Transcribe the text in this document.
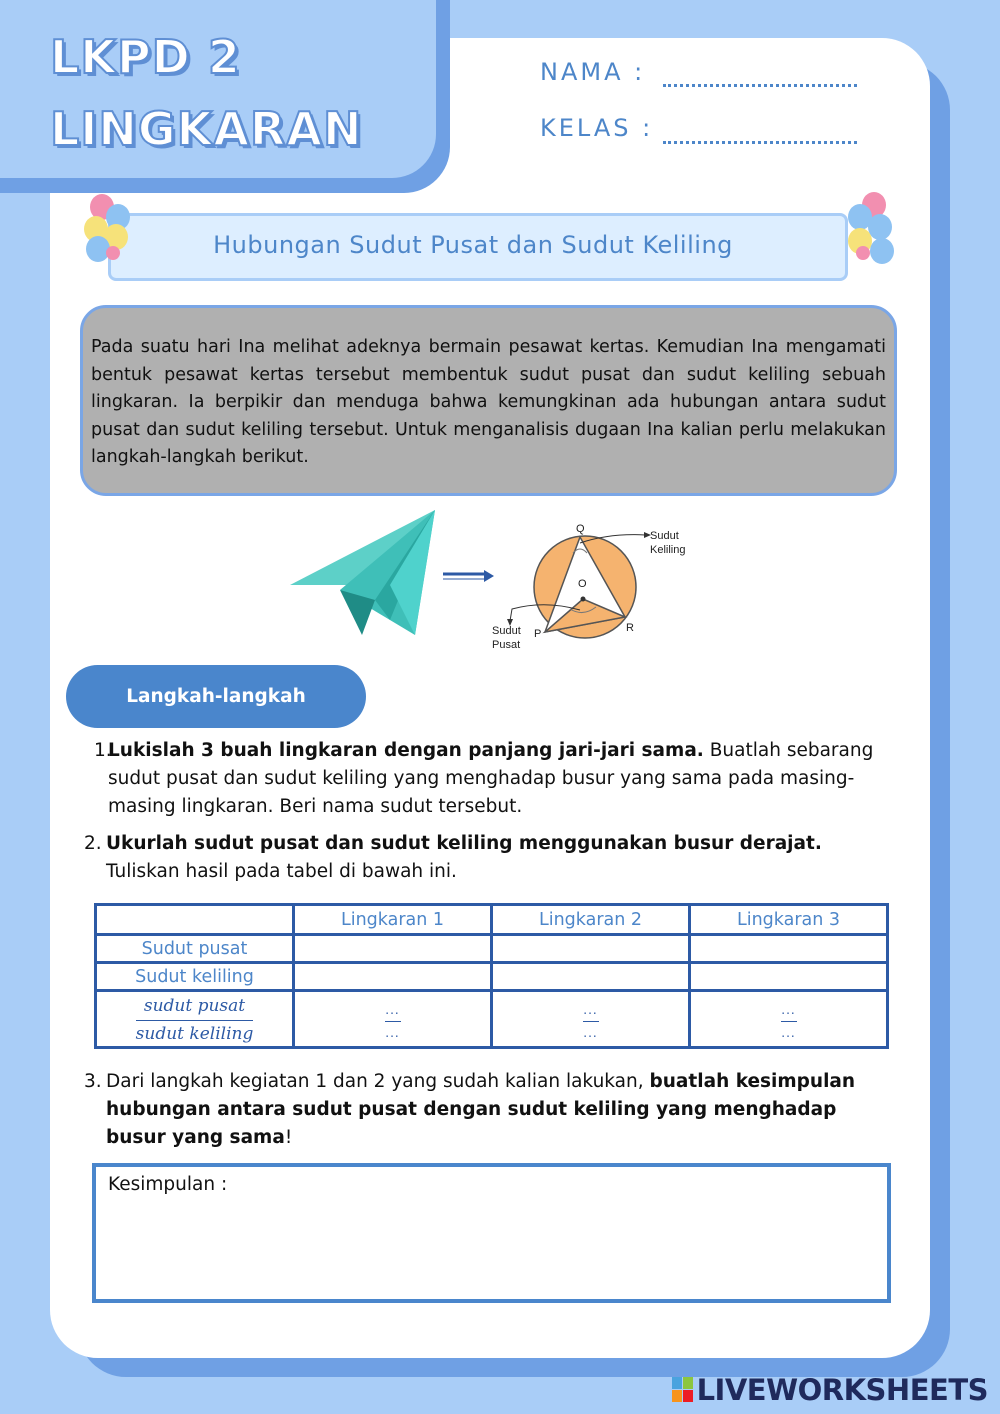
LKPD 2
LINGKARAN
NAMA :
KELAS :
Hubungan Sudut Pusat dan Sudut Keliling

Pada suatu hari Ina melihat adeknya bermain pesawat kertas. Kemudian Ina mengamati bentuk pesawat kertas tersebut membentuk sudut pusat dan sudut keliling sebuah lingkaran. Ia berpikir dan menduga bahwa kemungkinan ada hubungan antara sudut pusat dan sudut keliling tersebut. Untuk menganalisis dugaan Ina kalian perlu melakukan langkah-langkah berikut.

Q
O
P	R
Sudut
Keliling
Sudut
Pusat
Langkah-langkah
1.
Lukislah 3 buah lingkaran dengan panjang jari-jari sama. Buatlah sebarang sudut pusat dan sudut keliling yang menghadap busur yang sama pada masing-masing lingkaran. Beri nama sudut tersebut.
2. Ukurlah sudut pusat dan sudut keliling menggunakan busur derajat.
Tuliskan hasil pada tabel di bawah ini.
	Lingkaran 1	Lingkaran 2	Lingkaran 3
Sudut pusat			
Sudut keliling			

$\frac{\text{sudut pusat}}{\text{sudut keliling}}$	$\frac{...}{...}$	$\frac{...}{...}$	$\frac{...}{...}$
3. Dari langkah kegiatan 1 dan 2 yang sudah kalian lakukan, buatlah kesimpulan hubungan antara sudut pusat dengan sudut keliling yang menghadap busur yang sama!
Kesimpulan :
LIVEWORKSHEETS
